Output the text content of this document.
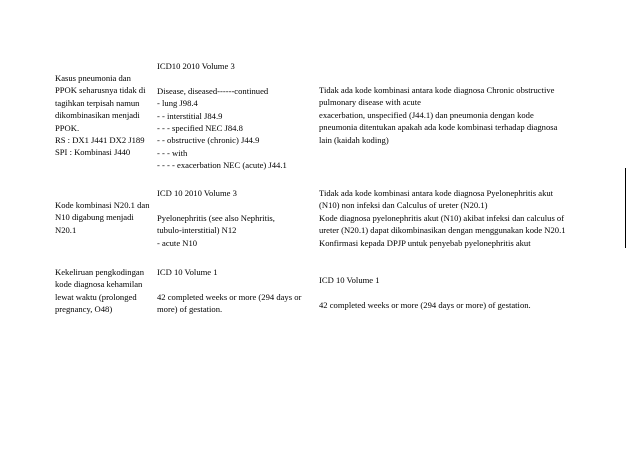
Kasus pneumonia dan
PPOK seharusnya tidak di
tagihkan terpisah namun
dikombinasikan menjadi
PPOK.
RS : DX1 J441 DX2 J189
SPI : Kombinasi J440
ICD10 2010 Volume 3

Disease, diseased------continued
- lung J98.4
- - interstitial J84.9
- - - specified NEC J84.8
- - obstructive (chronic) J44.9
- - - with
- - - - exacerbation NEC (acute) J44.1
Tidak ada kode kombinasi antara kode diagnosa Chronic obstructive
pulmonary disease with acute
exacerbation, unspecified (J44.1) dan pneumonia dengan kode
pneumonia ditentukan apakah ada kode kombinasi terhadap diagnosa
lain (kaidah koding)
Kode kombinasi N20.1 dan
N10 digabung menjadi
N20.1
ICD 10 2010 Volume 3

Pyelonephritis (see also Nephritis,
tubulo-interstitial) N12
- acute N10
Tidak ada kode kombinasi antara kode diagnosa Pyelonephritis akut
(N10) non infeksi dan Calculus of ureter (N20.1)
Kode diagnosa pyelonephritis akut (N10) akibat infeksi dan calculus of
ureter (N20.1) dapat dikombinasikan dengan menggunakan kode N20.1
Konfirmasi kepada DPJP untuk penyebab pyelonephritis akut
Kekeliruan pengkodingan
kode diagnosa kehamilan
lewat waktu (prolonged
pregnancy, O48)
ICD 10 Volume 1

42 completed weeks or more (294 days or
more) of gestation.
ICD 10 Volume 1

42 completed weeks or more (294 days or more) of gestation.
